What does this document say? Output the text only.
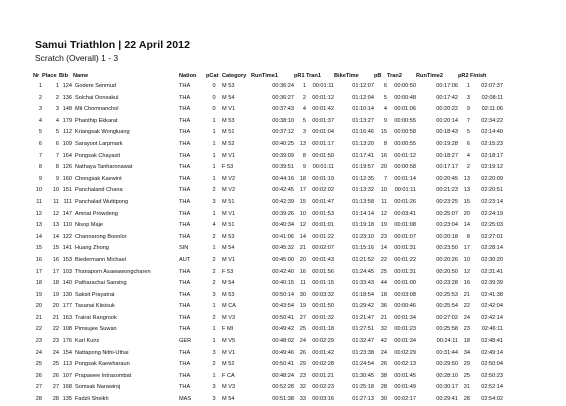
Samui Triathlon | 22 April 2012
Scratch (Overall) 1 - 3
Nr	Place	Bib	Name	Nation	pCat	Category	RunTime1	pR1	Tran1	BikeTime	pB	Tran2	RunTime2	pR2	Finish
1	1	124	Godere Senmud	THA	0	M 53	00:36:24	1	00:01:11	01:12:07	6	00:00:50	00:17:06	1	02:07:37
2	2	136	Solchai Oonsakul	THA	0	M 54	00:36:27	2	00:01:12	01:12:04	5	00:00:48	00:17:42	3	02:08:11
3	3	148	Mit Chomnanchol	THA	0	M V1	00:37:43	4	00:01:42	01:10:14	4	00:01:06	00:20:22	9	02:11:06
4	4	179	Phanthip Ekkarat	THA	1	M 53	00:38:10	5	00:01:37	01:13:27	9	00:00:55	00:20:14	7	02:34:22
5	5	112	Kriangsak Wongluang	THA	1	M 51	00:37:12	3	00:01:04	01:16:46	15	00:00:58	00:18:43	5	02:14:40
6	6	109	Sarayoot Larpmark	THA	1	M 52	00:40:25	13	00:01:17	01:13:20	8	00:00:55	00:19:28	6	02:15:23
7	7	164	Pongsak Chayasit	THA	1	M V1	00:39:09	8	00:01:50	01:17:41	16	00:01:12	00:18:27	4	02:18:17
8	8	126	Nathaya Tanharonawat	THA	1	F 53	00:39:51	9	00:01:11	01:19:57	20	00:00:58	00:17:17	2	02:19:12
9	9	160	Chongsak Kaewint	THA	1	M V2	00:44:16	18	00:01:19	01:12:35	7	00:01:14	00:20:45	13	02:20:09
10	10	151	Panchaland Chana	THA	2	M V2	00:42:45	17	00:02:02	01:13:32	10	00:01:11	00:21:23	13	02:20:51
11	11	111	Panchalad Wuttipong	THA	3	M 51	00:42:39	15	00:01:47	01:13:58	11	00:01:26	00:23:25	15	02:23:14
12	12	147	Amnat Prowdeng	THA	1	M V1	00:39:26	10	00:01:53	01:14:14	12	00:03:41	00:25:07	20	02:24:19
13	13	110	Nisop Maje	THA	4	M 51	00:40:34	12	00:01:01	01:19:18	19	00:01:08	00:23:04	14	02:25:03
14	14	122	Channarong Boonlor	THA	2	M 53	00:41:06	14	00:01:22	01:23:10	23	00:01:07	00:20:18	8	02:27:01
15	15	141	Huang Zhong	SIN	1	M 54	00:45:32	21	00:02:07	01:15:16	14	00:01:31	00:23:50	17	02:28:14
16	16	153	Biedermann Michael	AUT	2	M V1	00:45:00	20	00:01:43	01:21:52	22	00:01:22	00:20:26	10	02:30:20
17	17	103	Thanaporn Asawawongcharen	THA	2	F 53	00:42:40	16	00:01:56	01:24:45	25	00:01:31	00:20:50	12	02:31:41
18	18	140	Patharachai Sansing	THA	2	M 54	00:40:15	11	00:01:15	01:33:43	44	00:01:00	00:23:28	16	02:39:39
19	19	130	Saksit Prayatrat	THA	3	M 53	00:50:14	30	00:03:32	01:18:54	18	00:03:08	00:25:53	21	02:41:38
20	20	177	Tasanai Kiisisuk	THA	1	M CA	00:43:54	19	00:01:50	01:29:42	36	00:00:46	00:25:54	22	02:42:04
21	21	163	Trairat Rangrook	THA	2	M V3	00:50:41	27	00:01:32	01:21:47	21	00:01:34	00:27:02	24	02:42:14
22	22	108	Pimsujee Suwan	THA	1	F MI	00:49:42	25	00:01:18	01:27:51	32	00:01:23	00:25:58	23	02:46:11
23	23	176	Karl Kunz	GER	1	M V5	00:48:02	24	00:02:29	01:32:47	42	00:01:34	00:24:11	18	02:48:41
24	24	154	Nattapong Nithi-Uthai	THA	3	M V1	00:49:46	26	00:01:42	01:23:38	24	00:02:29	00:31:44	34	02:49:14
25	25	113	Pongsak Kaewharaun	THA	2	M 52	00:50:41	29	00:02:28	01:24:54	26	00:02:13	00:29:50	29	02:50:04
26	26	107	Prapawee Intrasombat	THA	1	F CA	00:48:24	23	00:01:21	01:30:45	38	00:01:45	00:28:10	25	02:50:23
27	27	168	Somsak Narawiroj	THA	3	M V3	00:52:28	32	00:02:23	01:25:18	28	00:01:49	00:30:17	31	02:52:14
28	28	135	Fadzli Sheikh	MAS	3	M 54	00:51:38	33	00:03:16	01:27:13	30	00:02:17	00:29:41	28	02:54:02
